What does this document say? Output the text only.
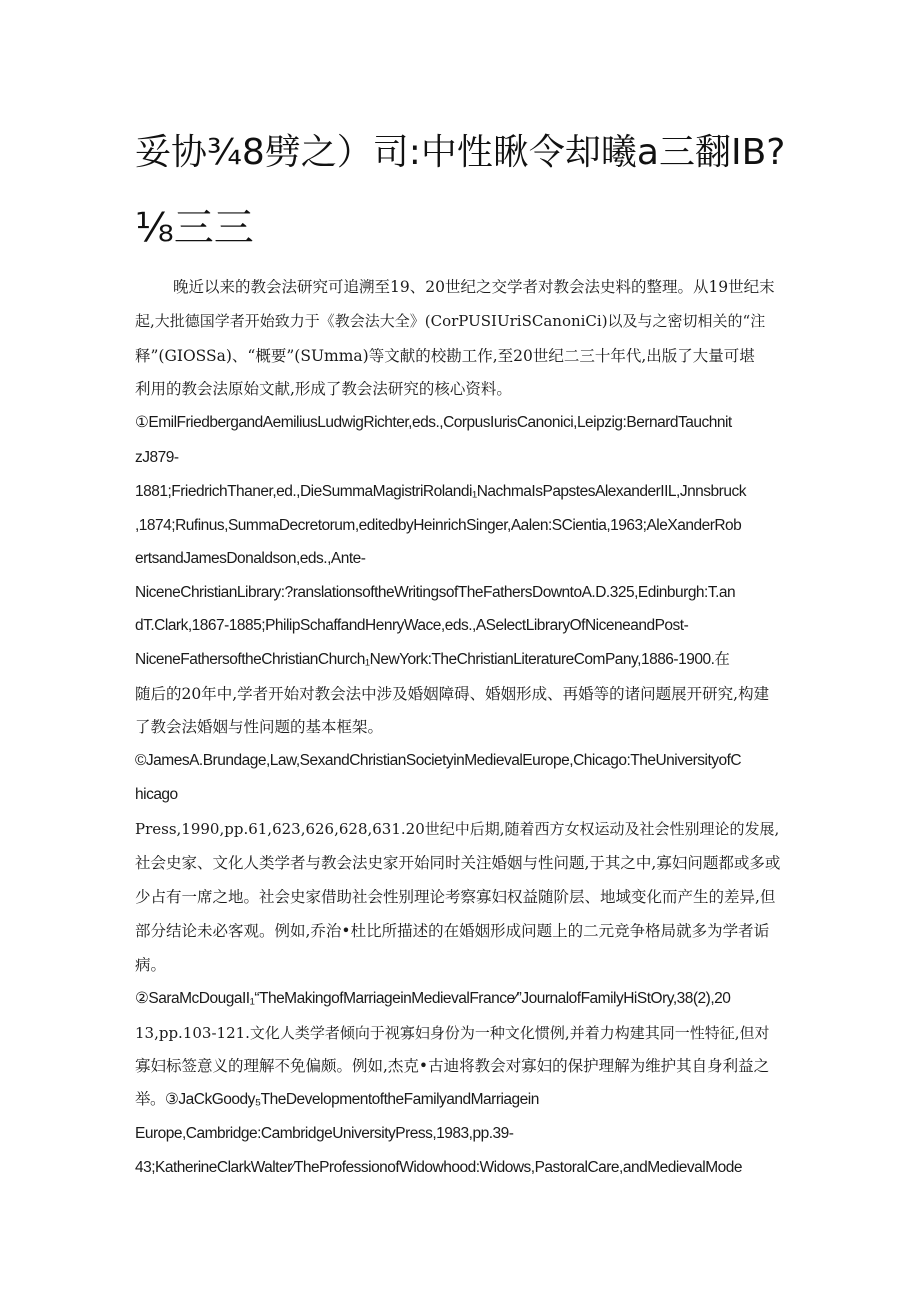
妥协¾8劈之）司:中性瞅令却曦a三翻IB?
⅛三三
晚近以来的教会法研究可追溯至19、20世纪之交学者对教会法史料的整理。从19世纪末
起,大批德国学者开始致力于《教会法大全》(CorPUSIUriSCanoniCi)以及与之密切相关的“注
释”(GIOSSa)、“概要”(SUmma)等文献的校勘工作,至20世纪二三十年代,出版了大量可堪
利用的教会法原始文献,形成了教会法研究的核心资料。
①EmilFriedbergandAemiliusLudwigRichter,eds.,CorpusIurisCanonici,Leipzig:BernardTauchnit
zJ879-
1881;FriedrichThaner,ed.,DieSummaMagistriRolandi₁NachmaIsPapstesAlexanderIIL,Jnnsbruck
,1874;Rufinus,SummaDecretorum,editedbyHeinrichSinger,Aalen:SCientia,1963;AleXanderRob
ertsandJamesDonaldson,eds.,Ante-
NiceneChristianLibrary:?ranslationsoftheWritingsofTheFathersDowntoA.D.325,Edinburgh:T.an
dT.Clark,1867-1885;PhilipSchaffandHenryWace,eds.,ASelectLibraryOfNiceneandPost-
NiceneFathersoftheChristianChurch₁NewYork:TheChristianLiteratureComPany,1886-1900.在
随后的20年中,学者开始对教会法中涉及婚姻障碍、婚姻形成、再婚等的诸问题展开研究,构建
了教会法婚姻与性问题的基本框架。
©JamesA.Brundage,Law,SexandChristianSocietyinMedievalEurope,Chicago:TheUniversityofC
hicago
Press,1990,pp.61,623,626,628,631.20世纪中后期,随着西方女权运动及社会性别理论的发展,
社会史家、文化人类学者与教会法史家开始同时关注婚姻与性问题,于其之中,寡妇问题都或多或
少占有一席之地。社会史家借助社会性别理论考察寡妇权益随阶层、地域变化而产生的差异,但
部分结论未必客观。例如,乔治•杜比所描述的在婚姻形成问题上的二元竞争格局就多为学者诟
病。
②SaraMcDougaII₁“TheMakingofMarriageinMedievalFrance⁄”JournalofFamilyHiStOry,38(2),20
13,pp.103-121.文化人类学者倾向于视寡妇身份为一种文化惯例,并着力构建其同一性特征,但对
寡妇标签意义的理解不免偏颇。例如,杰克•古迪将教会对寡妇的保护理解为维护其自身利益之
举。③JaCkGoody₅TheDevelopmentoftheFamilyandMarriagein
Europe,Cambridge:CambridgeUniversityPress,1983,pp.39-
43;KatherineClarkWalter⁄TheProfessionofWidowhood:Widows,PastoralCare,andMedievalMode
